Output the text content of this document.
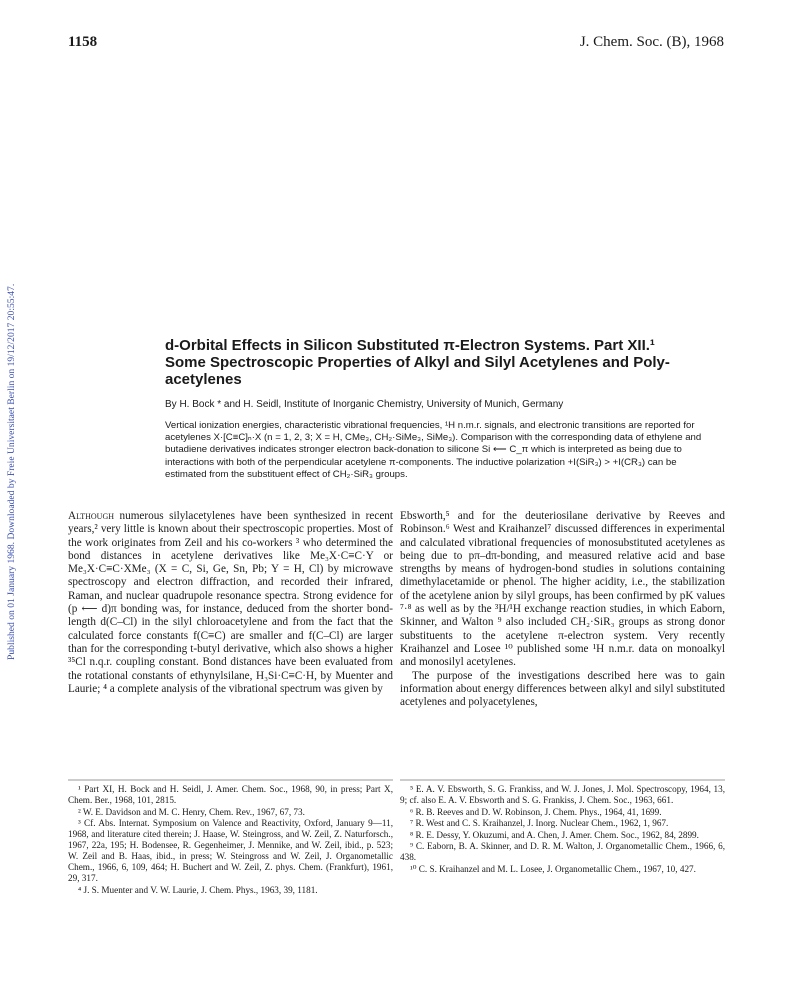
Published on 01 January 1968. Downloaded by Freie Universitaet Berlin on 19/12/2017 20:55:47.
1158	J. Chem. Soc. (B), 1968
d-Orbital Effects in Silicon Substituted π-Electron Systems. Part XII.¹
Some Spectroscopic Properties of Alkyl and Silyl Acetylenes and Poly-
acetylenes
By H. Bock * and H. Seidl, Institute of Inorganic Chemistry, University of Munich, Germany
Vertical ionization energies, characteristic vibrational frequencies, ¹H n.m.r. signals, and electronic transitions are reported for acetylenes X·[C≡C]ₙ·X (n = 1, 2, 3; X = H, CMe₃, CH₂·SiMe₃, SiMe₃). Comparison with the corresponding data of ethylene and butadiene derivatives indicates stronger electron back-donation to silicone Si ⟵ C_π which is interpreted as being due to interactions with both of the perpendicular acetylene π-components. The inductive polarization +I(SiR₃) > +I(CR₃) can be estimated from the substituent effect of CH₂·SiR₃ groups.

Although numerous silylacetylenes have been synthesized in recent years,² very little is known about their spectroscopic properties. Most of the work originates from Zeil and his co-workers ³ who determined the bond distances in acetylene derivatives like Me₃X·C≡C·Y or Me₃X·C≡C·XMe₃ (X = C, Si, Ge, Sn, Pb; Y = H, Cl) by microwave spectroscopy and electron diffraction, and recorded their infrared, Raman, and nuclear quadrupole resonance spectra. Strong evidence for (p ⟵ d)π bonding was, for instance, deduced from the shorter bond-length d(C–Cl) in the silyl chloroacetylene and from the fact that the calculated force constants f(C≡C) are smaller and f(C–Cl) are larger than for the corresponding t-butyl derivative, which also shows a higher ³⁵Cl n.q.r. coupling constant. Bond distances have been evaluated from the rotational constants of ethynylsilane, H₃Si·C≡C·H, by Muenter and Laurie; ⁴ a complete analysis of the vibrational spectrum was given by

Ebsworth,⁵ and for the deuteriosilane derivative by Reeves and Robinson.⁶ West and Kraihanzel⁷ discussed differences in experimental and calculated vibrational frequencies of monosubstituted acetylenes as being due to pπ–dπ-bonding, and measured relative acid and base strengths by means of hydrogen-bond studies in solutions containing dimethylacetamide or phenol. The higher acidity, i.e., the stabilization of the acetylene anion by silyl groups, has been confirmed by pK values ⁷·⁸ as well as by the ³H/¹H exchange reaction studies, in which Eaborn, Skinner, and Walton ⁹ also included CH₂·SiR₃ groups as strong donor substituents to the acetylene π-electron system. Very recently Kraihanzel and Losee ¹⁰ published some ¹H n.m.r. data on monoalkyl and monosilyl acetylenes.

The purpose of the investigations described here was to gain information about energy differences between alkyl and silyl substituted acetylenes and polyacetylenes,

¹ Part XI, H. Bock and H. Seidl, J. Amer. Chem. Soc., 1968, 90, in press; Part X, Chem. Ber., 1968, 101, 2815.

² W. E. Davidson and M. C. Henry, Chem. Rev., 1967, 67, 73.

³ Cf. Abs. Internat. Symposium on Valence and Reactivity, Oxford, January 9—11, 1968, and literature cited therein; J. Haase, W. Steingross, and W. Zeil, Z. Naturforsch., 1967, 22a, 195; H. Bodensee, R. Gegenheimer, J. Mennike, and W. Zeil, ibid., p. 523; W. Zeil and B. Haas, ibid., in press; W. Steingross and W. Zeil, J. Organometallic Chem., 1966, 6, 109, 464; H. Buchert and W. Zeil, Z. phys. Chem. (Frankfurt), 1961, 29, 317.

⁴ J. S. Muenter and V. W. Laurie, J. Chem. Phys., 1963, 39, 1181.

⁵ E. A. V. Ebsworth, S. G. Frankiss, and W. J. Jones, J. Mol. Spectroscopy, 1964, 13, 9; cf. also E. A. V. Ebsworth and S. G. Frankiss, J. Chem. Soc., 1963, 661.

⁶ R. B. Reeves and D. W. Robinson, J. Chem. Phys., 1964, 41, 1699.

⁷ R. West and C. S. Kraihanzel, J. Inorg. Nuclear Chem., 1962, 1, 967.

⁸ R. E. Dessy, Y. Okuzumi, and A. Chen, J. Amer. Chem. Soc., 1962, 84, 2899.

⁹ C. Eaborn, B. A. Skinner, and D. R. M. Walton, J. Organometallic Chem., 1966, 6, 438.

¹⁰ C. S. Kraihanzel and M. L. Losee, J. Organometallic Chem., 1967, 10, 427.
